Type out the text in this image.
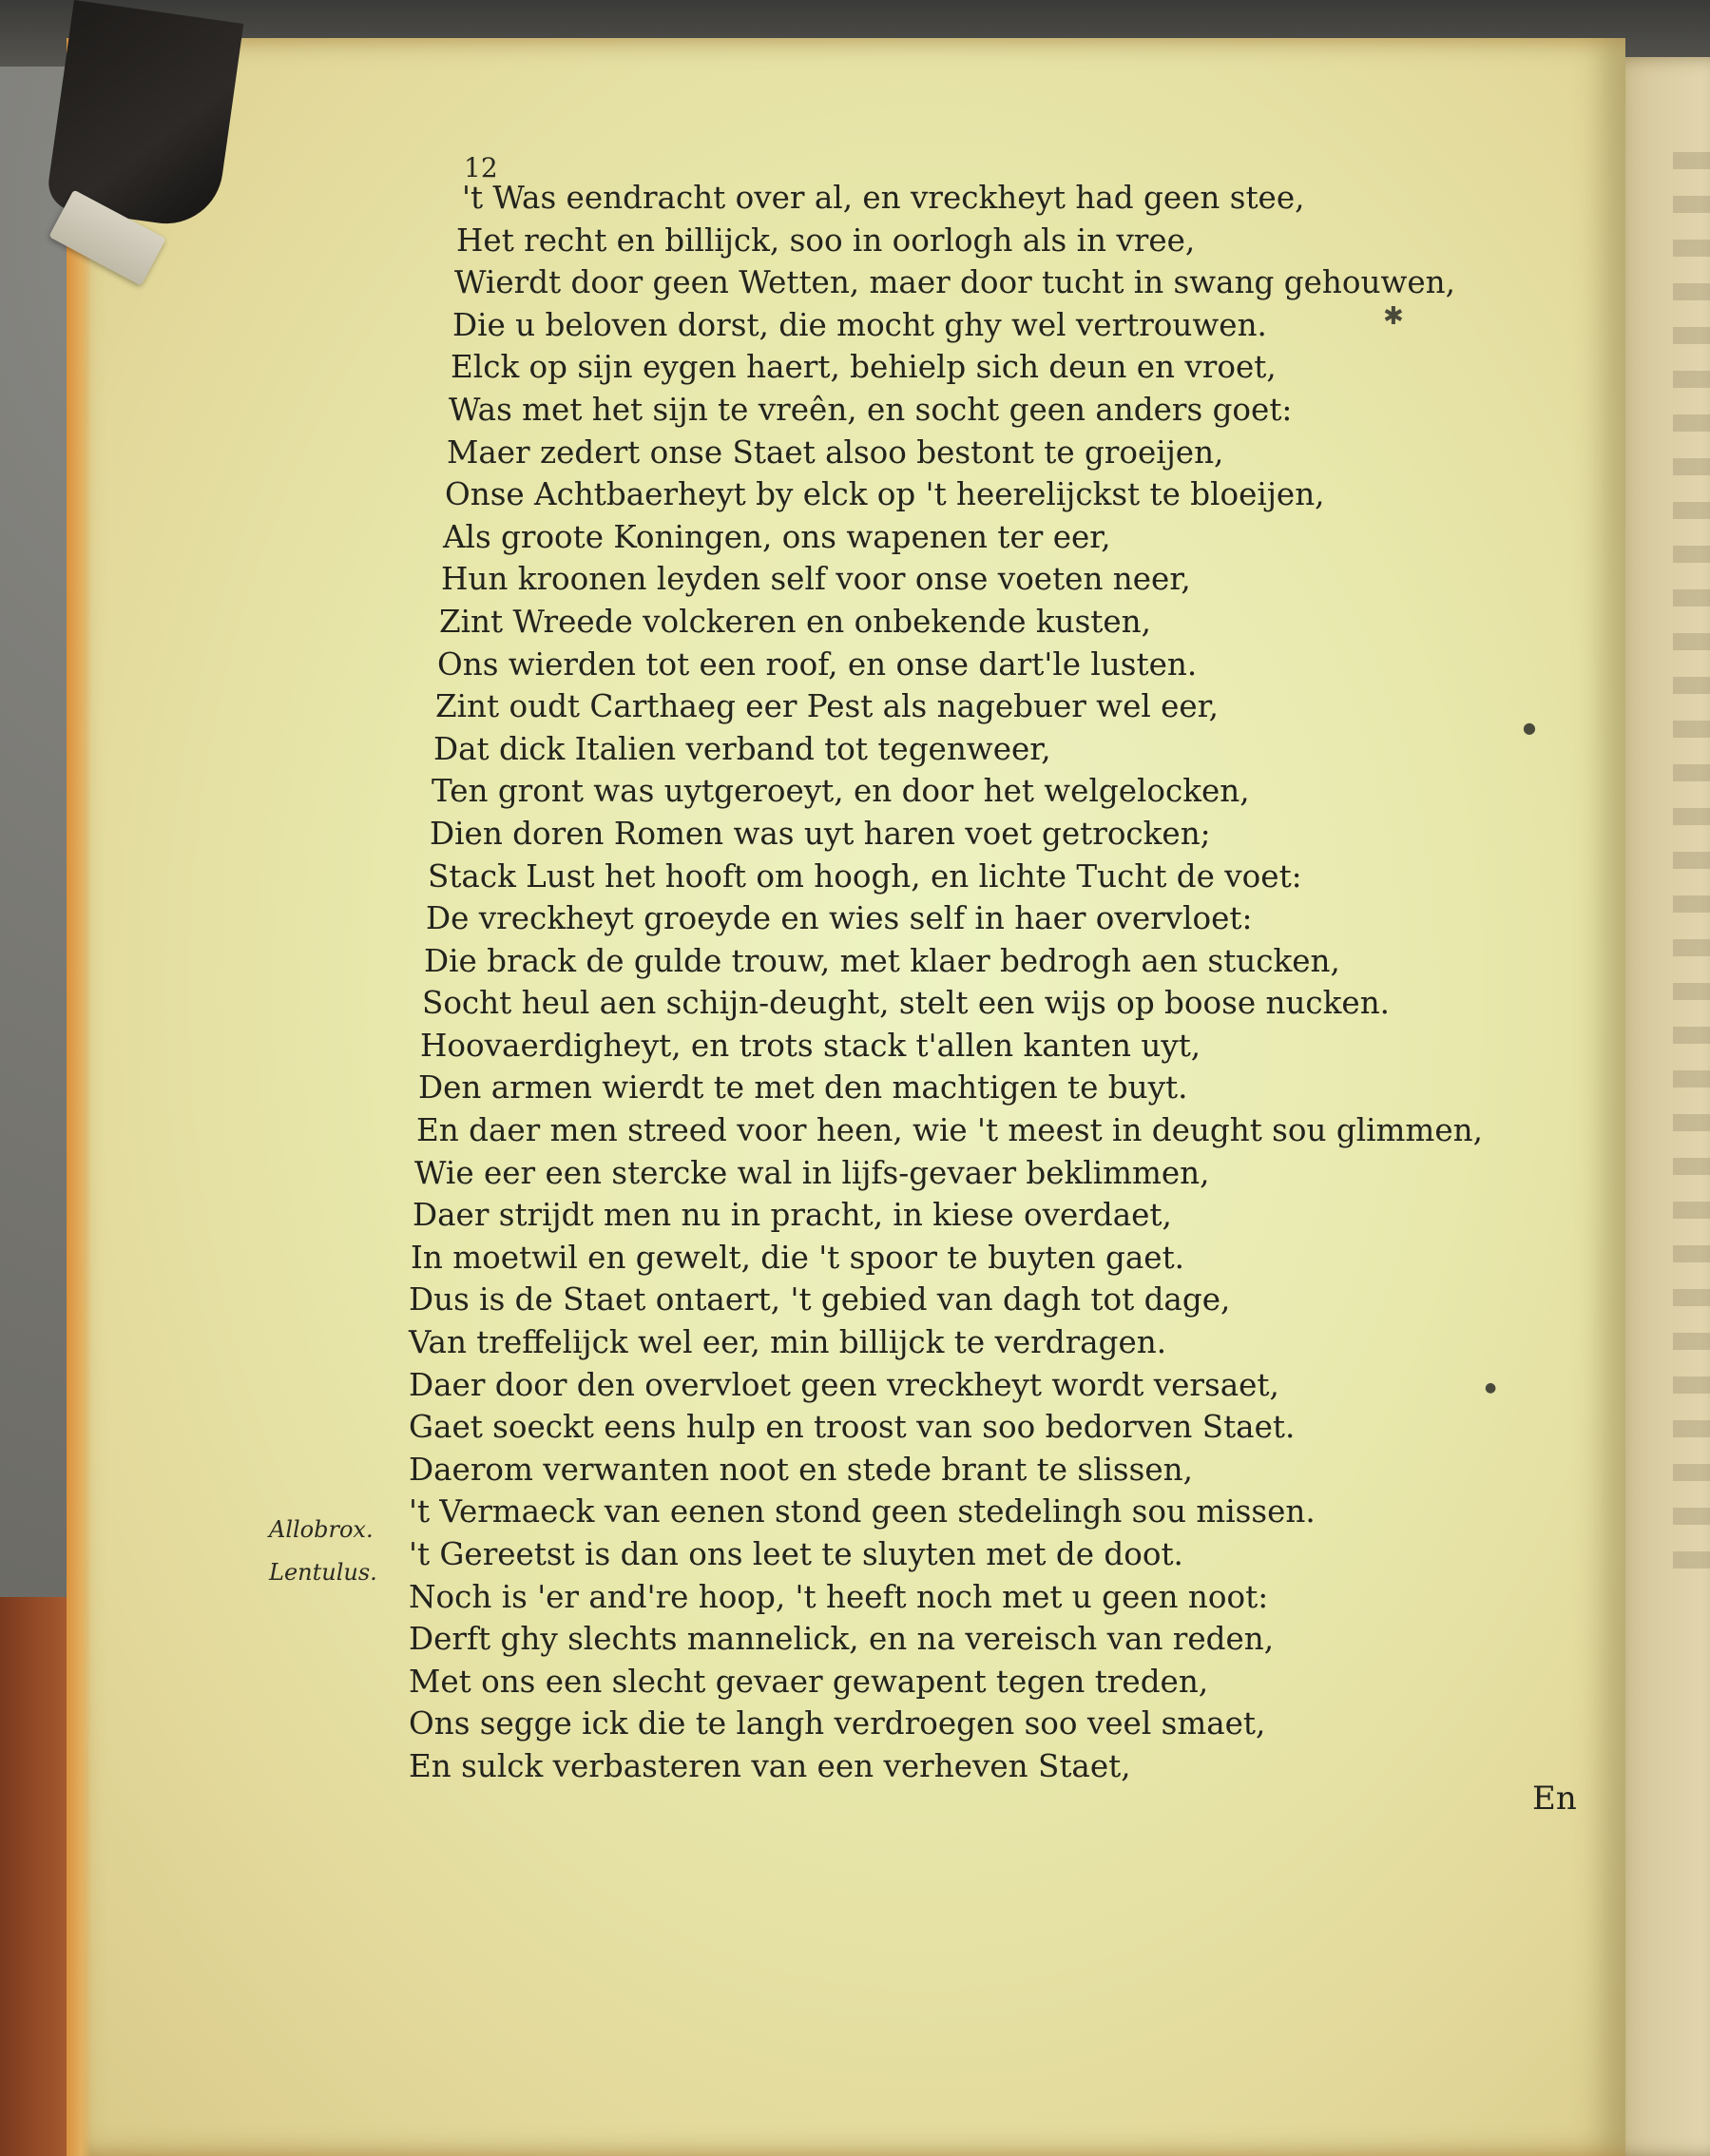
12
't Was eendracht over al, en vreckheyt had geen stee,
Het recht en billijck, soo in oorlogh als in vree,
Wierdt door geen Wetten, maer door tucht in swang gehouwen,
Die u beloven dorst, die mocht ghy wel vertrouwen.
Elck op sijn eygen haert, behielp sich deun en vroet,
Was met het sijn te vreên, en socht geen anders goet:
Maer zedert onse Staet alsoo bestont te groeijen,
Onse Achtbaerheyt by elck op 't heerelijckst te bloeijen,
Als groote Koningen, ons wapenen ter eer,
Hun kroonen leyden self voor onse voeten neer,
Zint Wreede volckeren en onbekende kusten,
Ons wierden tot een roof, en onse dart'le lusten.
Zint oudt Carthaeg eer Pest als nagebuer wel eer,
Dat dick Italien verband tot tegenweer,
Ten gront was uytgeroeyt, en door het welgelocken,
Dien doren Romen was uyt haren voet getrocken;
Stack Lust het hooft om hoogh, en lichte Tucht de voet:
De vreckheyt groeyde en wies self in haer overvloet:
Die brack de gulde trouw, met klaer bedrogh aen stucken,
Socht heul aen schijn-deught, stelt een wijs op boose nucken.
Hoovaerdigheyt, en trots stack t'allen kanten uyt,
Den armen wierdt te met den machtigen te buyt.
En daer men streed voor heen, wie 't meest in deught sou glimmen,
Wie eer een stercke wal in lijfs-gevaer beklimmen,
Daer strijdt men nu in pracht, in kiese overdaet,
In moetwil en gewelt, die 't spoor te buyten gaet.
Dus is de Staet ontaert, 't gebied van dagh tot dage,
Van treffelijck wel eer, min billijck te verdragen.
Daer door den overvloet geen vreckheyt wordt versaet,
Gaet soeckt eens hulp en troost van soo bedorven Staet.
Daerom verwanten noot en stede brant te slissen,
't Vermaeck van eenen stond geen stedelingh sou missen.
't Gereetst is dan ons leet te sluyten met de doot.
Noch is 'er and're hoop, 't heeft noch met u geen noot:
Derft ghy slechts mannelick, en na vereisch van reden,
Met ons een slecht gevaer gewapent tegen treden,
Ons segge ick die te langh verdroegen soo veel smaet,
En sulck verbasteren van een verheven Staet,
Allobrox.
Lentulus.
En
✱
●
●
